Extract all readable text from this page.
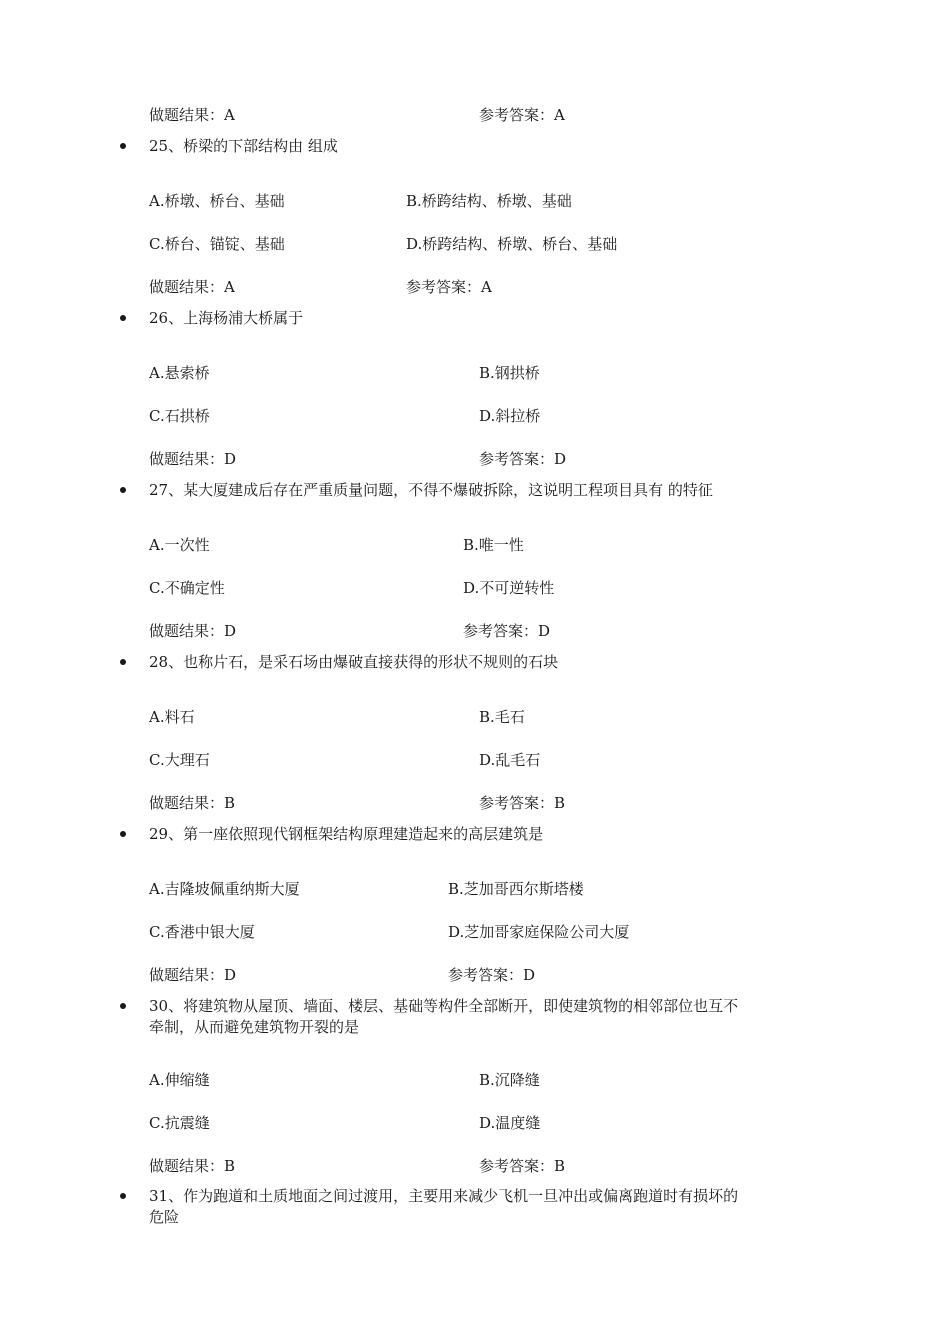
做题结果：A	参考答案：A
25、桥梁的下部结构由 组成
A.桥墩、桥台、基础	B.桥跨结构、桥墩、基础
C.桥台、锚锭、基础	D.桥跨结构、桥墩、桥台、基础
做题结果：A	参考答案：A
26、上海杨浦大桥属于
A.悬索桥	B.钢拱桥
C.石拱桥	D.斜拉桥
做题结果：D	参考答案：D
27、某大厦建成后存在严重质量问题，不得不爆破拆除，这说明工程项目具有 的特征
A.一次性	B.唯一性
C.不确定性	D.不可逆转性
做题结果：D	参考答案：D
28、也称片石，是采石场由爆破直接获得的形状不规则的石块
A.料石	B.毛石
C.大理石	D.乱毛石
做题结果：B	参考答案：B
29、第一座依照现代钢框架结构原理建造起来的高层建筑是
A.吉隆坡佩重纳斯大厦	B.芝加哥西尔斯塔楼
C.香港中银大厦	D.芝加哥家庭保险公司大厦
做题结果：D	参考答案：D
30、将建筑物从屋顶、墙面、楼层、基础等构件全部断开，即使建筑物的相邻部位也互不
牵制，从而避免建筑物开裂的是
A.伸缩缝	B.沉降缝
C.抗震缝	D.温度缝
做题结果：B	参考答案：B
31、作为跑道和土质地面之间过渡用，主要用来减少飞机一旦冲出或偏离跑道时有损坏的
危险
